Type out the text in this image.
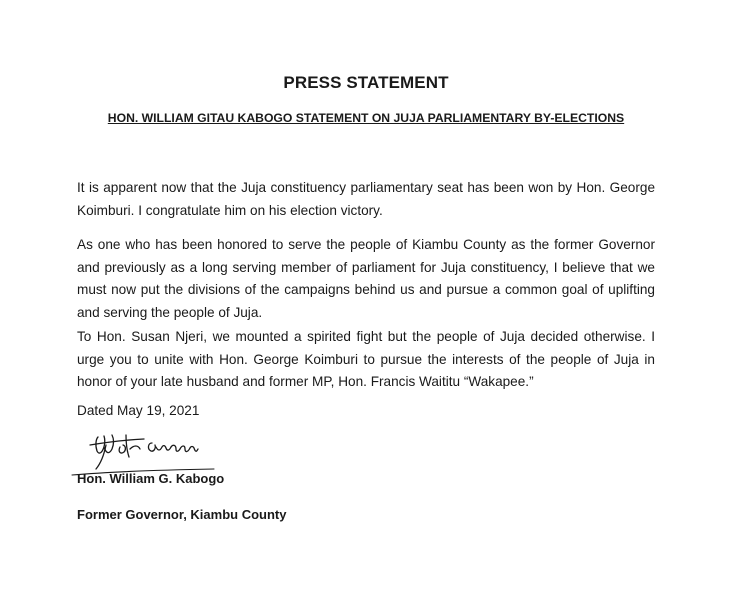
PRESS STATEMENT
HON. WILLIAM GITAU KABOGO STATEMENT ON JUJA PARLIAMENTARY BY-ELECTIONS

It is apparent now that the Juja constituency parliamentary seat has been won by Hon. George Koimburi. I congratulate him on his election victory.

As one who has been honored to serve the people of Kiambu County as the former Governor and previously as a long serving member of parliament for Juja constituency, I believe that we must now put the divisions of the campaigns behind us and pursue a common goal of uplifting and serving the people of Juja.

To Hon. Susan Njeri, we mounted a spirited fight but the people of Juja decided otherwise. I urge you to unite with Hon. George Koimburi to pursue the interests of the people of Juja in honor of your late husband and former MP, Hon. Francis Waititu “Wakapee.”

Dated May 19, 2021

Hon. William G. Kabogo

Former Governor, Kiambu County
